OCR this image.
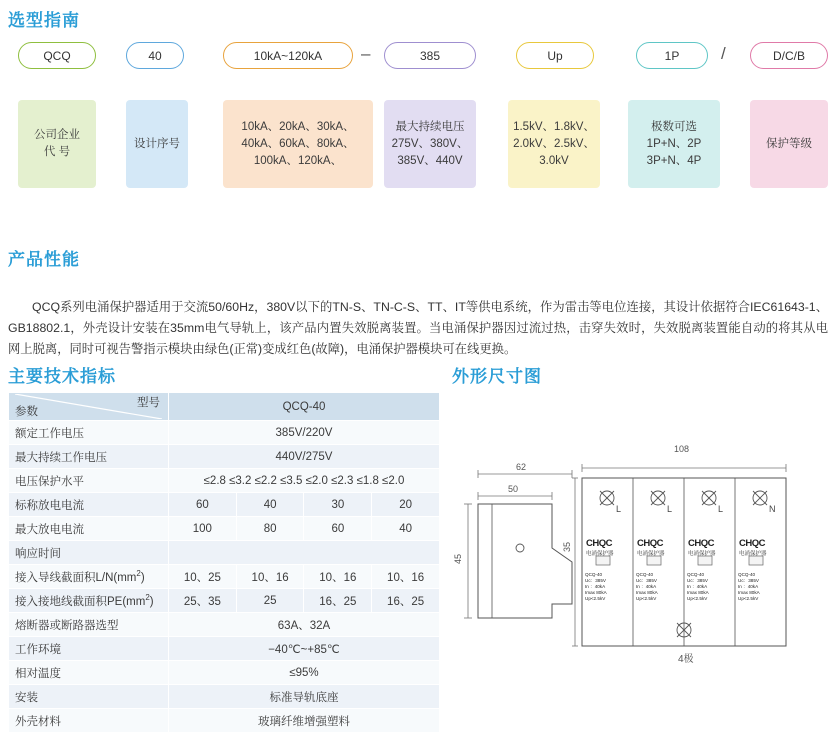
选型指南
QCQ	40	10kA~120kA	–	385	Up	1P	/	D/C/B
公司企业
代 号
设计序号
10kA、20kA、30kA、
40kA、60kA、80kA、
100kA、120kA、
最大持续电压
275V、380V、
385V、440V
1.5kV、1.8kV、
2.0kV、2.5kV、
3.0kV
极数可选
1P+N、2P
3P+N、4P
保护等级
产品性能

QCQ系列电涌保护器适用于交流50/60Hz，380V以下的TN-S、TN-C-S、TT、IT等供电系统，作为雷击等电位连接，其设计依据符合IEC61643-1、GB18802.1，外壳设计安装在35mm电气导轨上，该产品内置失效脱离装置。当电涌保护器因过流过热，击穿失效时，失效脱离装置能自动的将其从电网上脱离，同时可视告警指示模块由绿色(正常)变成红色(故障)，电涌保护器模块可在线更换。

主要技术指标
参数
型号	QCQ-40			
额定工作电压	385V/220V			
最大持续工作电压	440V/275V			
电压保护水平	≤2.8 ≤3.2 ≤2.2 ≤3.5 ≤2.0 ≤2.3 ≤1.8 ≤2.0			
标称放电电流	60	40	30	20
最大放电电流	100	80	60	40
响应时间				
接入导线截面积$L/N(mm^2)$	10、25	10、16	10、16	10、16
接入接地线截面积$PE(mm^2)$	25、35	25	16、25	16、25
熔断器或断路器选型	63A、32A			
工作环境	−40℃~+85℃			
相对温度	≤95%			
安装	标准导轨底座			
外壳材料	玻璃纤维增强塑料			
外形尺寸图
62
50
45
108
35
L	L	L	N
CHQC
电涌保护器
CHQC
电涌保护器
CHQC
电涌保护器
CHQC
电涌保护器
QCQ-40
Uc：385V
In ：40kA
Imax 80kA
Up<2.5kV
QCQ-40
Uc：385V
In ：40kA
Imax 80kA
Up<2.5kV
QCQ-40
Uc：385V
In ：40kA
Imax 80kA
Up<2.5kV
QCQ-40
Uc：385V
In ：40kA
Imax 80kA
Up<2.5kV
4极
